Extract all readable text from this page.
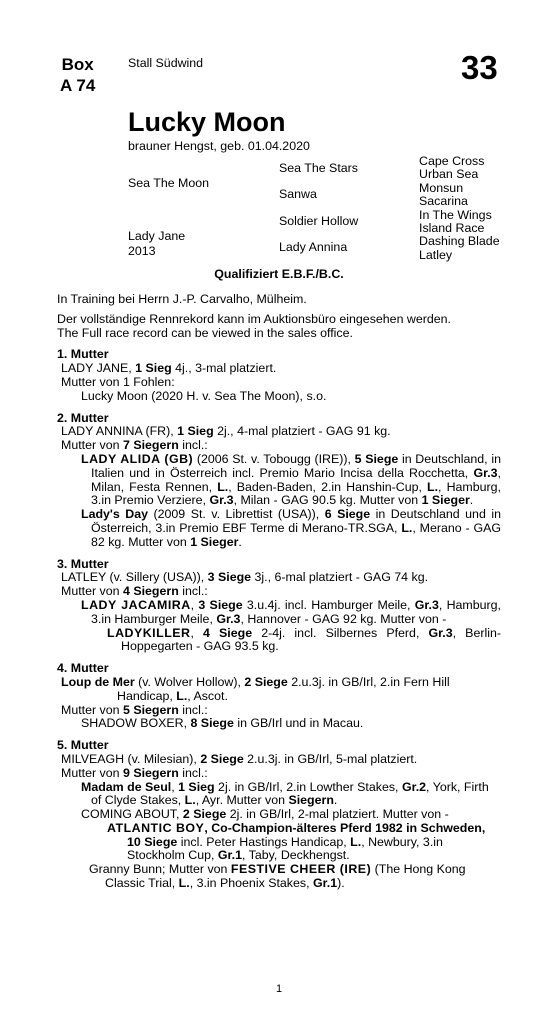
Box
A 74
Stall Südwind	33
Lucky Moon
brauner Hengst, geb. 01.04.2020
Sea The Moon
Lady Jane
2013
Sea The Stars
Sanwa
Soldier Hollow
Lady Annina
Cape Cross
Urban Sea
Monsun
Sacarina
In The Wings
Island Race
Dashing Blade
Latley
Qualifiziert E.B.F./B.C.

In Training bei Herrn J.-P. Carvalho, Mülheim.

Der vollständige Rennrekord kann im Auktionsbüro eingesehen werden.

The Full race record can be viewed in the sales office.

1. Mutter

LADY JANE, 1 Sieg 4j., 3-mal platziert.

Mutter von 1 Fohlen:

Lucky Moon (2020 H. v. Sea The Moon), s.o.

2. Mutter

LADY ANNINA (FR), 1 Sieg 2j., 4-mal platziert - GAG 91 kg.

Mutter von 7 Siegern incl.:

LADY ALIDA (GB) (2006 St. v. Tobougg (IRE)), 5 Siege in Deutschland, in Italien und in Österreich incl. Premio Mario Incisa della Rocchetta, Gr.3, Milan, Festa Rennen, L., Baden-Baden, 2.in Hanshin-Cup, L., Hamburg, 3.in Premio Verziere, Gr.3, Milan - GAG 90.5 kg. Mutter von 1 Sieger.

Lady's Day (2009 St. v. Librettist (USA)), 6 Siege in Deutschland und in Österreich, 3.in Premio EBF Terme di Merano-TR.SGA, L., Merano - GAG 82 kg. Mutter von 1 Sieger.

3. Mutter

LATLEY (v. Sillery (USA)), 3 Siege 3j., 6-mal platziert - GAG 74 kg.

Mutter von 4 Siegern incl.:

LADY JACAMIRA, 3 Siege 3.u.4j. incl. Hamburger Meile, Gr.3, Hamburg, 3.in Hamburger Meile, Gr.3, Hannover - GAG 92 kg. Mutter von -

LADYKILLER, 4 Siege 2-4j. incl. Silbernes Pferd, Gr.3, Berlin-Hoppegarten - GAG 93.5 kg.

4. Mutter

Loup de Mer (v. Wolver Hollow), 2 Siege 2.u.3j. in GB/Irl, 2.in Fern Hill Handicap, L., Ascot.

Mutter von 5 Siegern incl.:

SHADOW BOXER, 8 Siege in GB/Irl und in Macau.

5. Mutter

MILVEAGH (v. Milesian), 2 Siege 2.u.3j. in GB/Irl, 5-mal platziert.

Mutter von 9 Siegern incl.:

Madam de Seul, 1 Sieg 2j. in GB/Irl, 2.in Lowther Stakes, Gr.2, York, Firth of Clyde Stakes, L., Ayr. Mutter von Siegern.

COMING ABOUT, 2 Siege 2j. in GB/Irl, 2-mal platziert. Mutter von -

ATLANTIC BOY, Co-Champion-älteres Pferd 1982 in Schweden, 10 Siege incl. Peter Hastings Handicap, L., Newbury, 3.in Stockholm Cup, Gr.1, Taby, Deckhengst.

Granny Bunn; Mutter von FESTIVE CHEER (IRE) (The Hong Kong Classic Trial, L., 3.in Phoenix Stakes, Gr.1).

1
